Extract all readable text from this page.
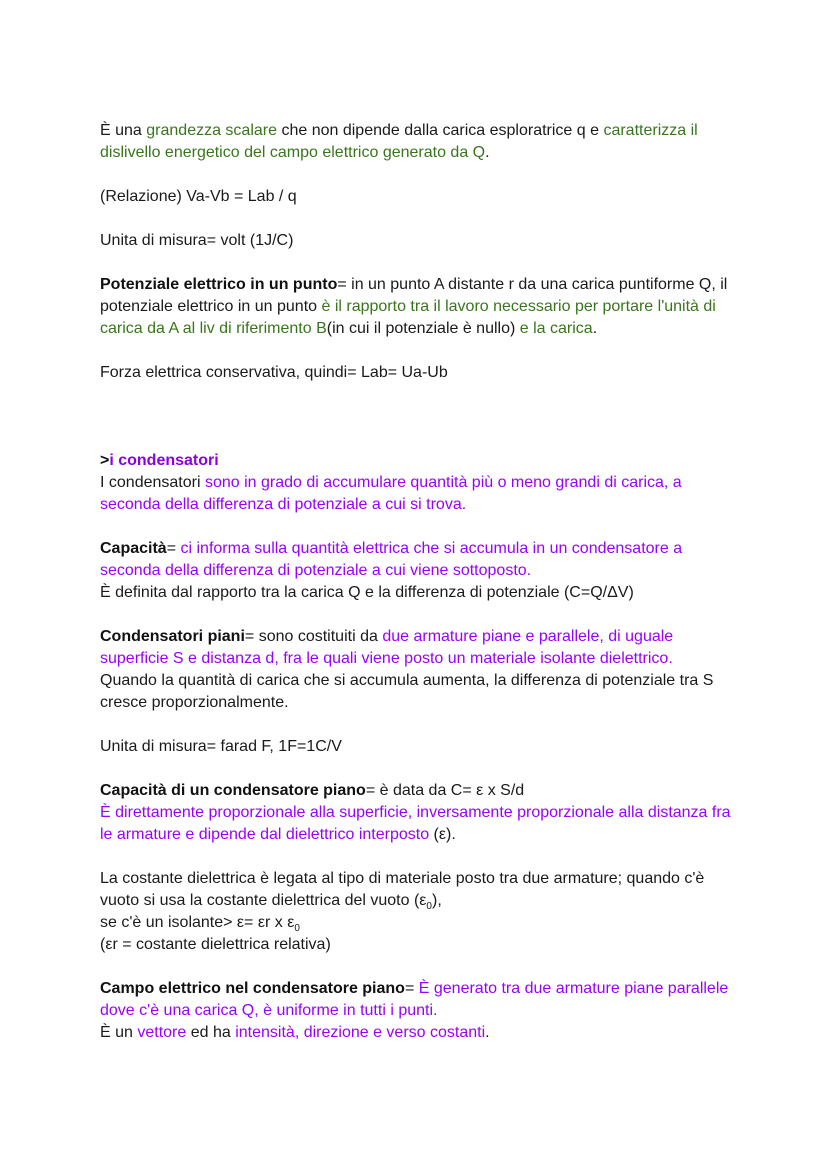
È una grandezza scalare che non dipende dalla carica esploratrice q e caratterizza il dislivello energetico del campo elettrico generato da Q.
(Relazione) Va-Vb = Lab / q
Unita di misura= volt (1J/C)
Potenziale elettrico in un punto= in un punto A distante r da una carica puntiforme Q, il potenziale elettrico in un punto è il rapporto tra il lavoro necessario per portare l'unità di carica da A al liv di riferimento B(in cui il potenziale è nullo) e la carica.
Forza elettrica conservativa, quindi= Lab= Ua-Ub

>i condensatori

I condensatori sono in grado di accumulare quantità più o meno grandi di carica, a seconda della differenza di potenziale a cui si trova.

Capacità= ci informa sulla quantità elettrica che si accumula in un condensatore a seconda della differenza di potenziale a cui viene sottoposto.

È definita dal rapporto tra la carica Q e la differenza di potenziale (C=Q/ΔV)

Condensatori piani= sono costituiti da due armature piane e parallele, di uguale superficie S e distanza d, fra le quali viene posto un materiale isolante dielettrico.

Quando la quantità di carica che si accumula aumenta, la differenza di potenziale tra S cresce proporzionalmente.

Unita di misura= farad F, 1F=1C/V

Capacità di un condensatore piano= è data da C= ε x S/d

È direttamente proporzionale alla superficie, inversamente proporzionale alla distanza fra le armature e dipende dal dielettrico interposto (ε).

La costante dielettrica è legata al tipo di materiale posto tra due armature; quando c'è vuoto si usa la costante dielettrica del vuoto $(\varepsilon_0)$,

se c'è un isolante> ε= εr x $\varepsilon_0$

(εr = costante dielettrica relativa)

Campo elettrico nel condensatore piano= È generato tra due armature piane parallele dove c'è una carica Q, è uniforme in tutti i punti.

È un vettore ed ha intensità, direzione e verso costanti.
